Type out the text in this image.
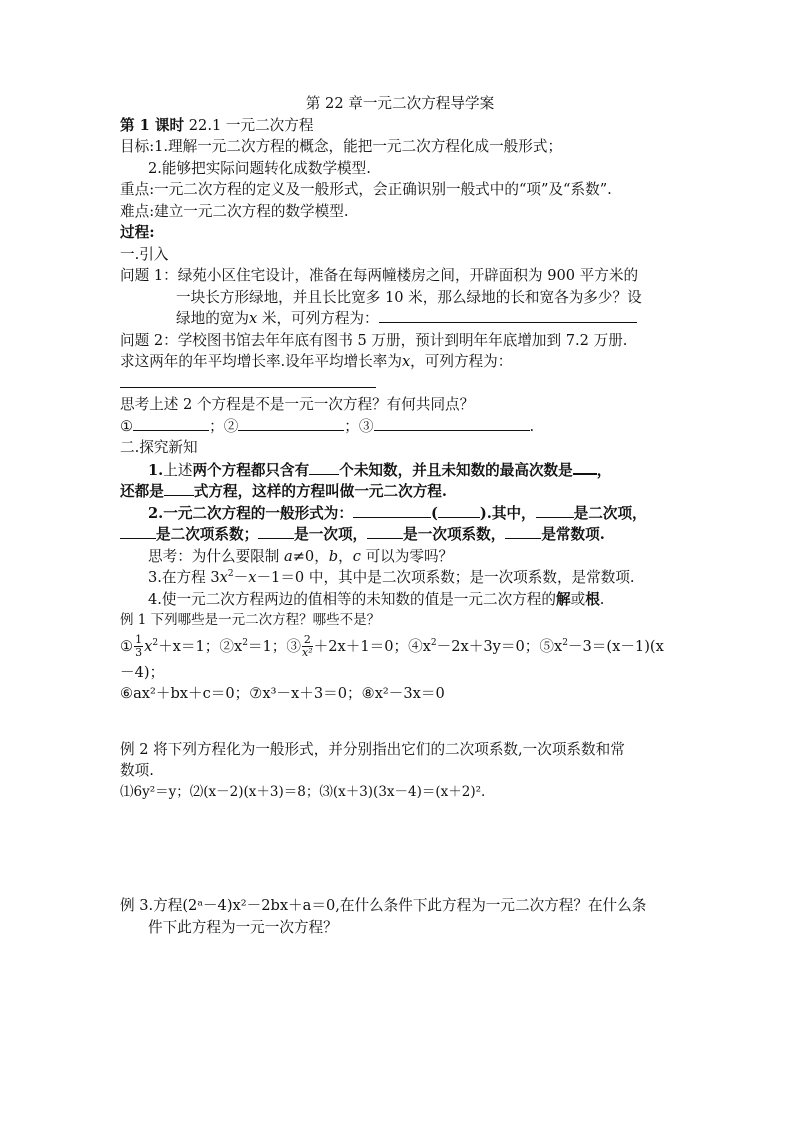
第 22 章一元二次方程导学案
第 1 课时 22.1 一元二次方程
目标:1.理解一元二次方程的概念，能把一元二次方程化成一般形式；
2.能够把实际问题转化成数学模型.
重点:一元二次方程的定义及一般形式，会正确识别一般式中的“项”及“系数”.
难点:建立一元二次方程的数学模型.
过程:
一.引入
问题 1：绿苑小区住宅设计，准备在每两幢楼房之间，开辟面积为 900 平方米的
一块长方形绿地，并且长比宽多 10 米，那么绿地的长和宽各为多少？设
绿地的宽为x 米，可列方程为：
问题 2：学校图书馆去年年底有图书 5 万册，预计到明年年底增加到 7.2 万册.
求这两年的年平均增长率.设年平均增长率为x，可列方程为：
思考上述 2 个方程是不是一元一次方程？有何共同点？
①	；②	；③	.
二.探究新知
1.上述两个方程都只含有 个未知数，并且未知数的最高次数是 ，
还都是 式方程，这样的方程叫做一元二次方程.
2.一元二次方程的一般形式为：	(	).其中，	是二次项，
是二次项系数； 是一次项， 是一次项系数， 是常数项.
思考：为什么要限制 a≠0，b，c 可以为零吗？
3.在方程 $3x^2-x-1=0$ 中，其中是二次项系数；是一次项系数，是常数项.
4.使一元二次方程两边的值相等的未知数的值是一元二次方程的解或根.
例 1 下列哪些是一元二次方程？哪些不是？
① $\frac{1}{3} x^2+x=1$；$②x^2=1$；③ $\frac{2}{\text{x²}} +2x+1=0$；$④x^2-2x+3y=0$；$⑤x^2-3=(x-1)(x$
－4)；
⑥ax²＋bx＋c＝0；⑦x³－x＋3＝0；⑧x²－3x＝0
例 2 将下列方程化为一般形式，并分别指出它们的二次项系数,一次项系数和常
数项.
⑴6y²＝y；⑵(x－2)(x＋3)＝8；⑶(x＋3)(3x－4)＝(x＋2)².
例 3.方程(2ᵃ－4)x²－2bx＋a＝0,在什么条件下此方程为一元二次方程？在什么条
件下此方程为一元一次方程？
